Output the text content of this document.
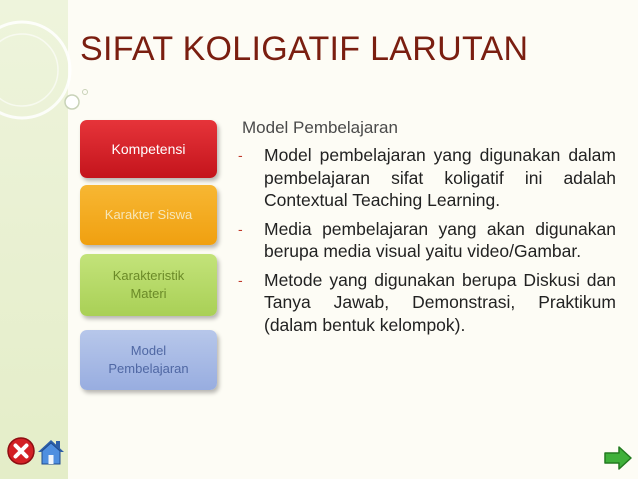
SIFAT KOLIGATIF LARUTAN
Kompetensi
Karakter Siswa
Karakteristik Materi
Model Pembelajaran
Model Pembelajaran
-	Model pembelajaran yang digunakan dalam pembelajaran sifat koligatif ini adalah Contextual Teaching Learning.
-	Media pembelajaran yang akan digunakan berupa media visual yaitu video/Gambar.
-	Metode yang digunakan berupa Diskusi dan Tanya Jawab, Demonstrasi, Praktikum (dalam bentuk kelompok).
